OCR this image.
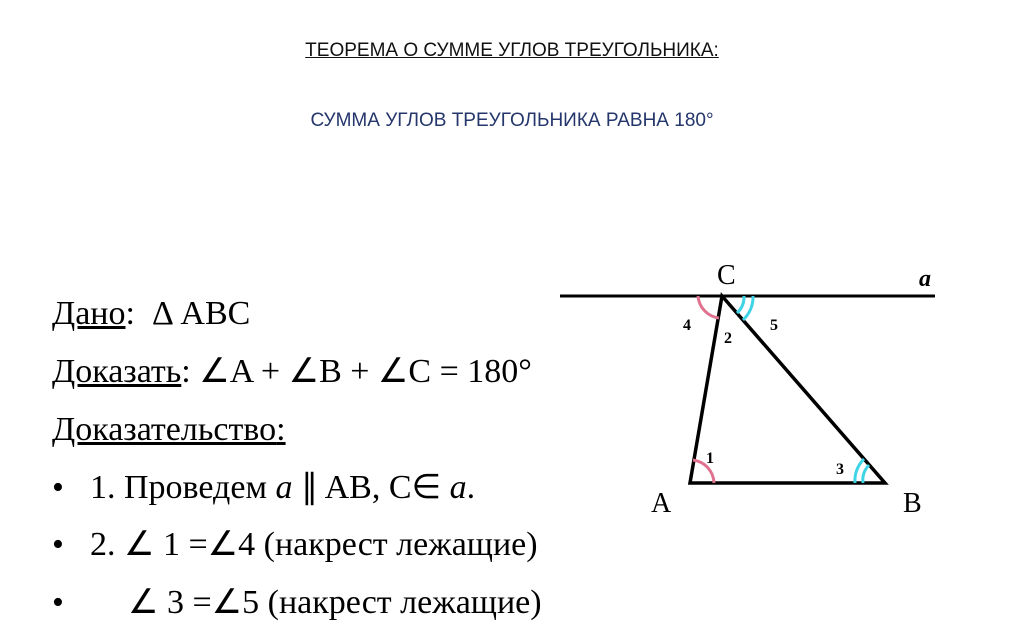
ТЕОРЕМА О СУММЕ УГЛОВ ТРЕУГОЛЬНИКА:
СУММА УГЛОВ ТРЕУГОЛЬНИКА РАВНА 180°
Дано: Δ ABC
Доказать: ∠A + ∠B + ∠C = 180°
Доказательство:
• 1. Проведем a ∥ AB, C∈ a.
• 2. ∠ 1 =∠4 (накрест лежащие)
• ∠ 3 =∠5 (накрест лежащие)
C
A	B
a
1
2
3
4	5
